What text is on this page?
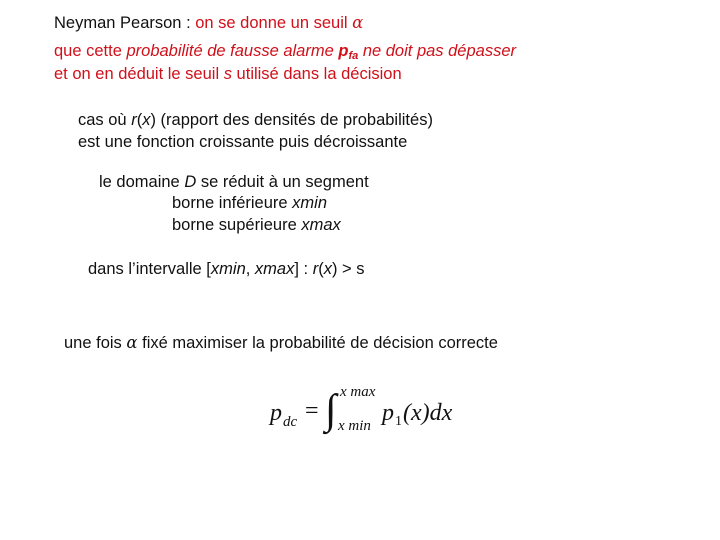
Neyman Pearson : on se donne un seuil α
que cette probabilité de fausse alarme $p_{fa}$ ne doit pas dépasser
et on en déduit le seuil s utilisé dans la décision
cas où r(x) (rapport des densités de probabilités)
est une fonction croissante puis décroissante
le domaine D se réduit à un segment
borne inférieure xmin
borne supérieure xmax
dans l’intervalle [xmin, xmax] : r(x) > s
une fois α fixé maximiser la probabilité de décision correcte
p dc = ∫ x max
x min p 1 (x)dx
